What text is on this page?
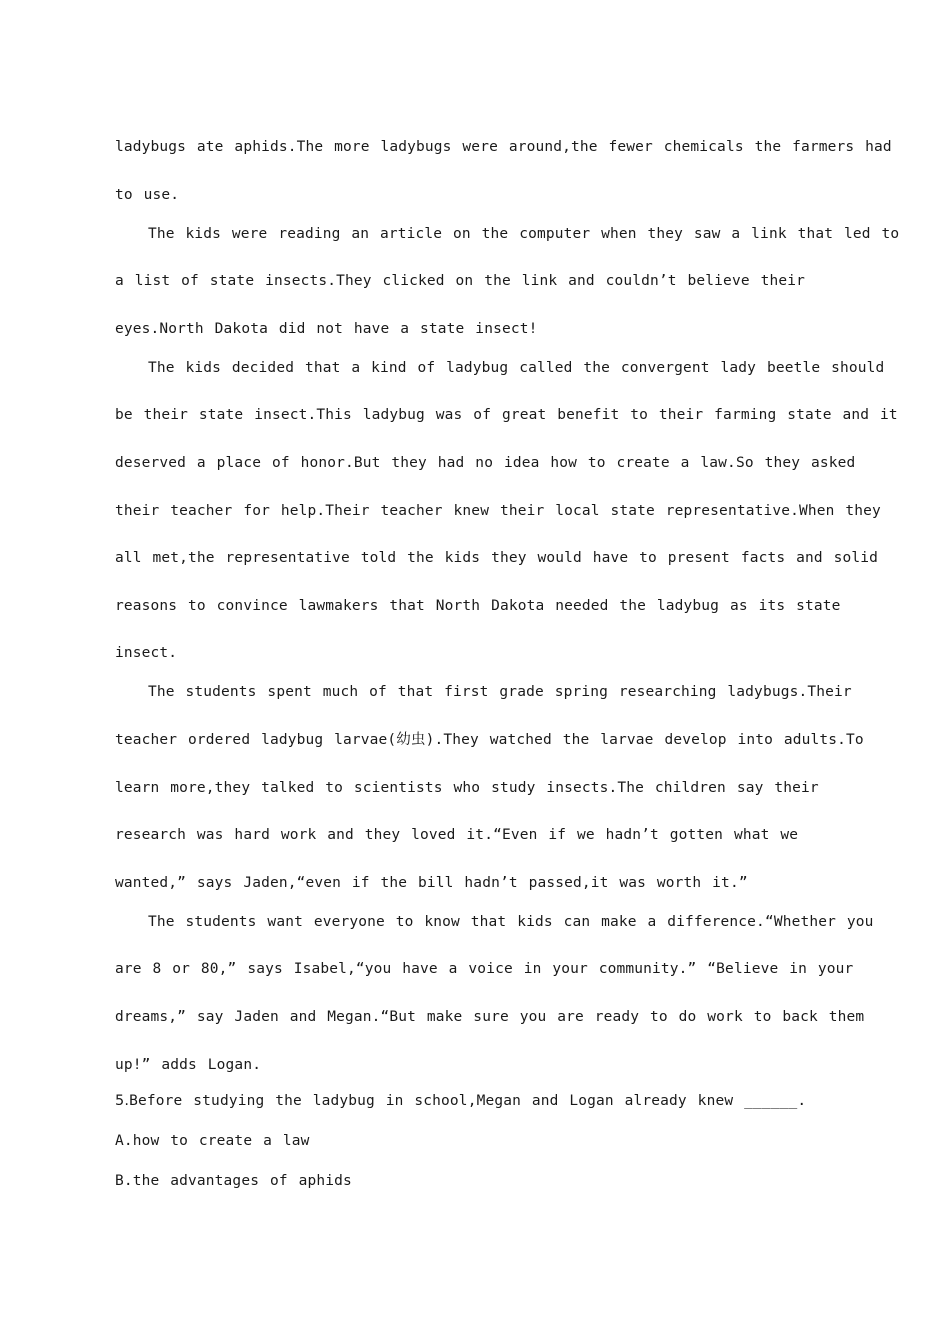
ladybugs ate aphids.The more ladybugs were around,the fewer chemicals the farmers had
to use.
The kids were reading an article on the computer when they saw a link that led to
a list of state insects.They clicked on the link and couldn’t believe their
eyes.North Dakota did not have a state insect!
The kids decided that a kind of ladybug called the convergent lady beetle should
be their state insect.This ladybug was of great benefit to their farming state and it
deserved a place of honor.But they had no idea how to create a law.So they asked
their teacher for help.Their teacher knew their local state representative.When they
all met,the representative told the kids they would have to present facts and solid
reasons to convince lawmakers that North Dakota needed the ladybug as its state
insect.
The students spent much of that first grade spring researching ladybugs.Their
teacher ordered ladybug larvae(幼虫).They watched the larvae develop into adults.To
learn more,they talked to scientists who study insects.The children say their
research was hard work and they loved it.“Even if we hadn’t gotten what we
wanted,” says Jaden,“even if the bill hadn’t passed,it was worth it.”
The students want everyone to know that kids can make a difference.“Whether you
are 8 or 80,” says Isabel,“you have a voice in your community.” “Believe in your
dreams,” say Jaden and Megan.“But make sure you are ready to do work to back them
up!” adds Logan.
5.Before studying the ladybug in school,Megan and Logan already knew ______.
A.how to create a law
B.the advantages of aphids
